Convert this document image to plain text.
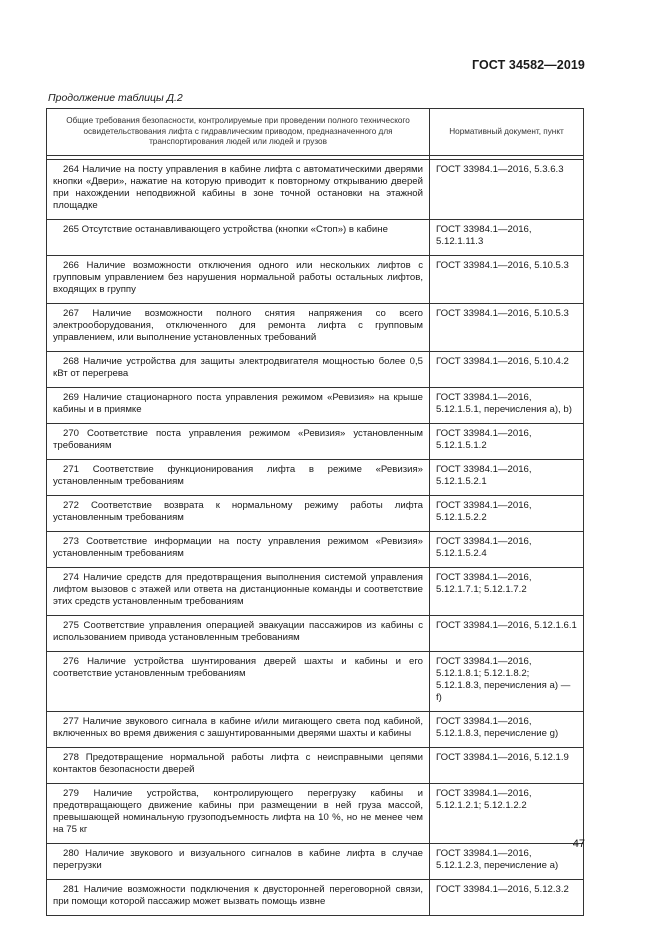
ГОСТ 34582—2019
Продолжение таблицы Д.2
Общие требования безопасности, контролируемые при проведении полного технического освидетельствования лифта с гидравлическим приводом, предназначенного для транспортирования людей или людей и грузов	Нормативный документ, пункт

264 Наличие на посту управления в кабине лифта с автоматическими дверями кнопки «Двери», нажатие на которую приводит к повторному открыванию дверей при нахождении неподвижной кабины в зоне точной остановки на этажной площадке	ГОСТ 33984.1—2016, 5.3.6.3
265 Отсутствие останавливающего устройства (кнопки «Стоп») в кабине	ГОСТ 33984.1—2016, 5.12.1.11.3
266 Наличие возможности отключения одного или нескольких лифтов с групповым управлением без нарушения нормальной работы остальных лифтов, входящих в группу	ГОСТ 33984.1—2016, 5.10.5.3
267 Наличие возможности полного снятия напряжения со всего электрооборудования, отключенного для ремонта лифта с групповым управлением, или выполнение установленных требований	ГОСТ 33984.1—2016, 5.10.5.3
268 Наличие устройства для защиты электродвигателя мощностью более 0,5 кВт от перегрева	ГОСТ 33984.1—2016, 5.10.4.2
269 Наличие стационарного поста управления режимом «Ревизия» на крыше кабины и в приямке	ГОСТ 33984.1—2016, 5.12.1.5.1, перечисления а), b)
270 Соответствие поста управления режимом «Ревизия» установленным требованиям	ГОСТ 33984.1—2016, 5.12.1.5.1.2
271 Соответствие функционирования лифта в режиме «Ревизия» установленным требованиям	ГОСТ 33984.1—2016, 5.12.1.5.2.1
272 Соответствие возврата к нормальному режиму работы лифта установленным требованиям	ГОСТ 33984.1—2016, 5.12.1.5.2.2
273 Соответствие информации на посту управления режимом «Ревизия» установленным требованиям	ГОСТ 33984.1—2016, 5.12.1.5.2.4
274 Наличие средств для предотвращения выполнения системой управления лифтом вызовов с этажей или ответа на дистанционные команды и соответствие этих средств установленным требованиям	ГОСТ 33984.1—2016, 5.12.1.7.1; 5.12.1.7.2
275 Соответствие управления операцией эвакуации пассажиров из кабины с использованием привода установленным требованиям	ГОСТ 33984.1—2016, 5.12.1.6.1
276 Наличие устройства шунтирования дверей шахты и кабины и его соответствие установленным требованиям	ГОСТ 33984.1—2016, 5.12.1.8.1; 5.12.1.8.2; 5.12.1.8.3, перечисления а) — f)
277 Наличие звукового сигнала в кабине и/или мигающего света под кабиной, включенных во время движения с зашунтированными дверями шахты и кабины	ГОСТ 33984.1—2016, 5.12.1.8.3, перечисление g)
278 Предотвращение нормальной работы лифта с неисправными цепями контактов безопасности дверей	ГОСТ 33984.1—2016, 5.12.1.9
279 Наличие устройства, контролирующего перегрузку кабины и предотвращающего движение кабины при размещении в ней груза массой, превышающей номинальную грузоподъемность лифта на 10 %, но не менее чем на 75 кг	ГОСТ 33984.1—2016, 5.12.1.2.1; 5.12.1.2.2
280 Наличие звукового и визуального сигналов в кабине лифта в случае перегрузки	ГОСТ 33984.1—2016, 5.12.1.2.3, перечисление а)
281 Наличие возможности подключения к двусторонней переговорной связи, при помощи которой пассажир может вызвать помощь извне	ГОСТ 33984.1—2016, 5.12.3.2
47
